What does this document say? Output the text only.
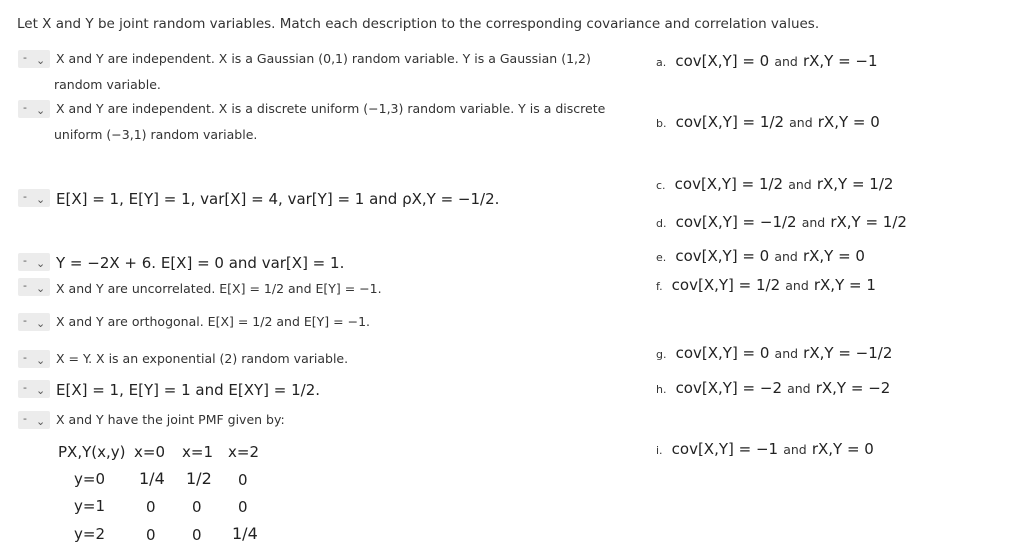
Let X and Y be joint random variables. Match each description to the corresponding covariance and correlation values.
- ⌄
- ⌄
- ⌄
- ⌄
- ⌄
- ⌄
- ⌄
- ⌄
- ⌄
X and Y are independent. X is a Gaussian (0,1) random variable. Y is a Gaussian (1,2)
random variable.
X and Y are independent. X is a discrete uniform (−1,3) random variable. Y is a discrete
uniform (−3,1) random variable.
E[X] = 1, E[Y] = 1, var[X] = 4, var[Y] = 1 and ρX,Y = −1/2.
Y = −2X + 6. E[X] = 0 and var[X] = 1.
X and Y are uncorrelated. E[X] = 1/2 and E[Y] = −1.
X and Y are orthogonal. E[X] = 1/2 and E[Y] = −1.
X = Y. X is an exponential (2) random variable.
E[X] = 1, E[Y] = 1 and E[XY] = 1/2.
X and Y have the joint PMF given by:
PX,Y(x,y) x=0 x=1 x=2
y=0 1/4 1/2 0
y=1	0 0 0
y=2	0 0 1/4
a. cov[X,Y] = 0 and rX,Y = −1
b. cov[X,Y] = 1/2 and rX,Y = 0
c. cov[X,Y] = 1/2 and rX,Y = 1/2
d. cov[X,Y] = −1/2 and rX,Y = 1/2
e. cov[X,Y] = 0 and rX,Y = 0
f. cov[X,Y] = 1/2 and rX,Y = 1
g. cov[X,Y] = 0 and rX,Y = −1/2
h. cov[X,Y] = −2 and rX,Y = −2
i. cov[X,Y] = −1 and rX,Y = 0
